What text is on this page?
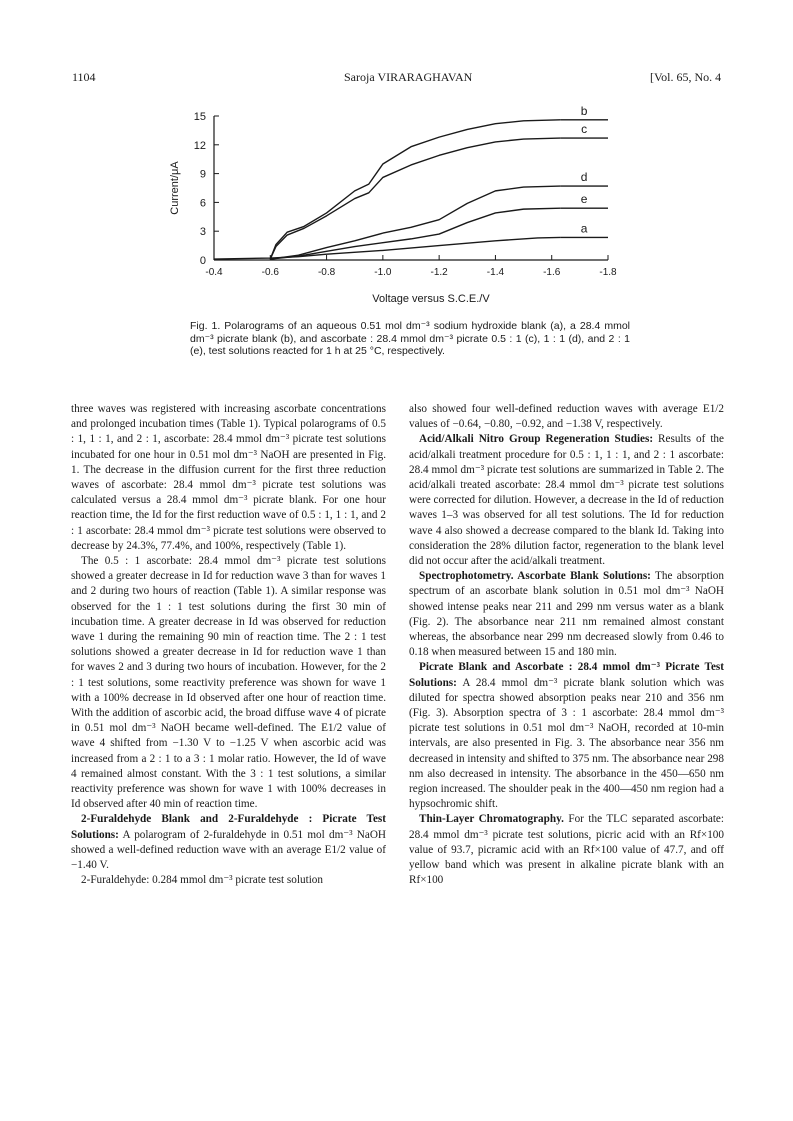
1104	Saroja VIRARAGHAVAN	[Vol. 65, No. 4
0
3
6
9
12
15
-0.4	-0.6	-0.8	-1.0	-1.2	-1.4	-1.6	-1.8
Current/μA
Voltage versus S.C.E./V
a
b
c
d
e

Fig. 1. Polarograms of an aqueous 0.51 mol dm⁻³ sodium hydroxide blank (a), a 28.4 mmol dm⁻³ picrate blank (b), and ascorbate : 28.4 mmol dm⁻³ picrate 0.5 : 1 (c), 1 : 1 (d), and 2 : 1 (e), test solutions reacted for 1 h at 25 °C, respectively.

three waves was registered with increasing ascorbate concentrations and prolonged incubation times (Table 1). Typical polarograms of 0.5 : 1, 1 : 1, and 2 : 1, ascorbate: 28.4 mmol dm⁻³ picrate test solutions incubated for one hour in 0.51 mol dm⁻³ NaOH are presented in Fig. 1. The decrease in the diffusion current for the first three reduction waves of ascorbate: 28.4 mmol dm⁻³ picrate test solutions was calculated versus a 28.4 mmol dm⁻³ picrate blank. For one hour reaction time, the Id for the first reduction wave of 0.5 : 1, 1 : 1, and 2 : 1 ascorbate: 28.4 mmol dm⁻³ picrate test solutions were observed to decrease by 24.3%, 77.4%, and 100%, respectively (Table 1).

The 0.5 : 1 ascorbate: 28.4 mmol dm⁻³ picrate test solutions showed a greater decrease in Id for reduction wave 3 than for waves 1 and 2 during two hours of reaction (Table 1). A similar response was observed for the 1 : 1 test solutions during the first 30 min of incubation time. A greater decrease in Id was observed for reduction wave 1 during the remaining 90 min of reaction time. The 2 : 1 test solutions showed a greater decrease in Id for reduction wave 1 than for waves 2 and 3 during two hours of incubation. However, for the 2 : 1 test solutions, some reactivity preference was shown for wave 1 with a 100% decrease in Id observed after one hour of reaction time. With the addition of ascorbic acid, the broad diffuse wave 4 of picrate in 0.51 mol dm⁻³ NaOH became well-defined. The E1/2 value of wave 4 shifted from −1.30 V to −1.25 V when ascorbic acid was increased from a 2 : 1 to a 3 : 1 molar ratio. However, the Id of wave 4 remained almost constant. With the 3 : 1 test solutions, a similar reactivity preference was shown for wave 1 with 100% decreases in Id observed after 40 min of reaction time.

2-Furaldehyde Blank and 2-Furaldehyde : Picrate Test Solutions: A polarogram of 2-furaldehyde in 0.51 mol dm⁻³ NaOH showed a well-defined reduction wave with an average E1/2 value of −1.40 V.

2-Furaldehyde: 0.284 mmol dm⁻³ picrate test solution

also showed four well-defined reduction waves with average E1/2 values of −0.64, −0.80, −0.92, and −1.38 V, respectively.

Acid/Alkali Nitro Group Regeneration Studies: Results of the acid/alkali treatment procedure for 0.5 : 1, 1 : 1, and 2 : 1 ascorbate: 28.4 mmol dm⁻³ picrate test solutions are summarized in Table 2. The acid/alkali treated ascorbate: 28.4 mmol dm⁻³ picrate test solutions were corrected for dilution. However, a decrease in the Id of reduction waves 1–3 was observed for all test solutions. The Id for reduction wave 4 also showed a decrease compared to the blank Id. Taking into consideration the 28% dilution factor, regeneration to the blank level did not occur after the acid/alkali treatment.

Spectrophotometry. Ascorbate Blank Solutions: The absorption spectrum of an ascorbate blank solution in 0.51 mol dm⁻³ NaOH showed intense peaks near 211 and 299 nm versus water as a blank (Fig. 2). The absorbance near 211 nm remained almost constant whereas, the absorbance near 299 nm decreased slowly from 0.46 to 0.18 when measured between 15 and 180 min.

Picrate Blank and Ascorbate : 28.4 mmol dm⁻³ Picrate Test Solutions: A 28.4 mmol dm⁻³ picrate blank solution which was diluted for spectra showed absorption peaks near 210 and 356 nm (Fig. 3). Absorption spectra of 3 : 1 ascorbate: 28.4 mmol dm⁻³ picrate test solutions in 0.51 mol dm⁻³ NaOH, recorded at 10-min intervals, are also presented in Fig. 3. The absorbance near 356 nm decreased in intensity and shifted to 375 nm. The absorbance near 298 nm also decreased in intensity. The absorbance in the 450—650 nm region increased. The shoulder peak in the 400—450 nm region had a hypsochromic shift.

Thin-Layer Chromatography. For the TLC separated ascorbate: 28.4 mmol dm⁻³ picrate test solutions, picric acid with an Rf×100 value of 93.7, picramic acid with an Rf×100 value of 47.7, and off yellow band which was present in alkaline picrate blank with an Rf×100
